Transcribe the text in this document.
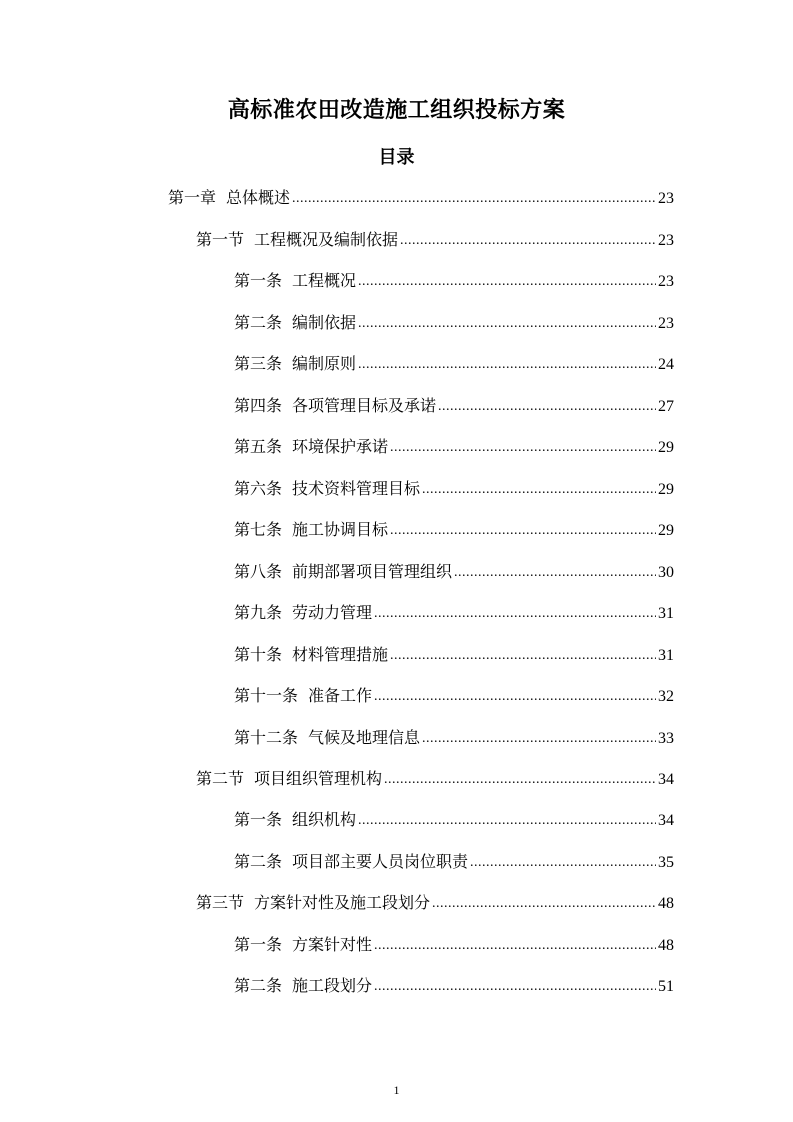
高标准农田改造施工组织投标方案
目录
第一章 总体概述 .....	23
第一节 工程概况及编制依据 .....	23
第一条 工程概况 .....	23
第二条 编制依据 .....	23
第三条 编制原则 .....	24
第四条 各项管理目标及承诺 .....	27
第五条 环境保护承诺 .....	29
第六条 技术资料管理目标 .....	29
第七条 施工协调目标 .....	29
第八条 前期部署项目管理组织 .....	30
第九条 劳动力管理 .....	31
第十条 材料管理措施 .....	31
第十一条 准备工作 .....	32
第十二条 气候及地理信息 .....	33
第二节 项目组织管理机构 .....	34
第一条 组织机构 .....	34
第二条 项目部主要人员岗位职责 .....	35
第三节 方案针对性及施工段划分 .....	48
第一条 方案针对性 .....	48
第二条 施工段划分 .....	51
1
